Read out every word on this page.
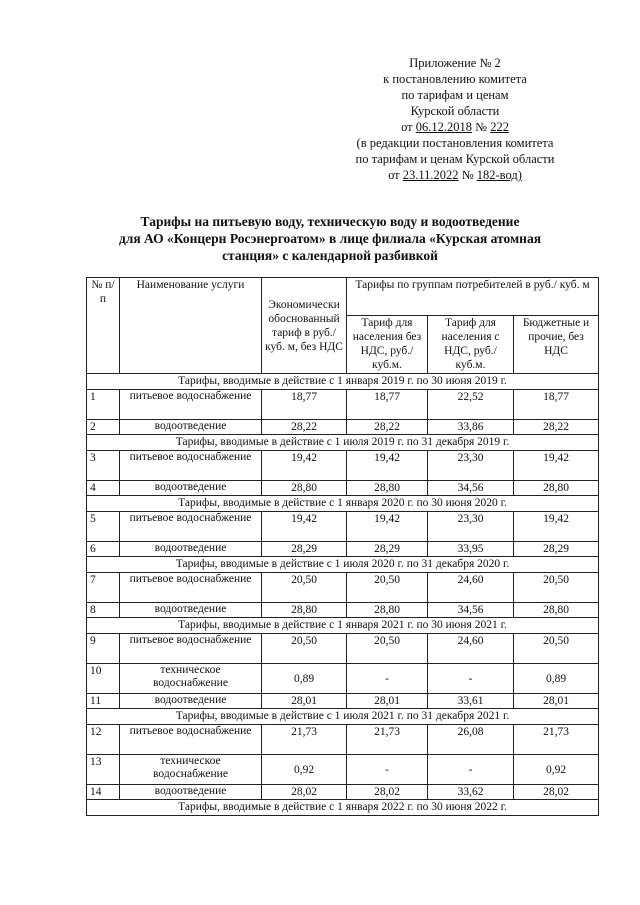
Приложение № 2
к постановлению комитета
по тарифам и ценам
Курской области
от 06.12.2018 № 222
(в редакции постановления комитета
по тарифам и ценам Курской области
от 23.11.2022 № 182-вод)
Тарифы на питьевую воду, техническую воду и водоотведение
для АО «Концерн Росэнергоатом» в лице филиала «Курская атомная
станция» с календарной разбивкой
№ п/п	Наименование услуги	Экономически обоснованный тариф в руб./ куб. м, без НДС	Тарифы по группам потребителей в руб./ куб. м		
			Тариф для населения без НДС, руб./ куб.м.	Тариф для населения с НДС, руб./ куб.м.	Бюджетные и прочие, без НДС
Тарифы, вводимые в действие с 1 января 2019 г. по 30 июня 2019 г.					
1	питьевое водоснабжение	18,77	18,77	22,52	18,77
2	водоотведение	28,22	28,22	33,86	28,22
Тарифы, вводимые в действие с 1 июля 2019 г. по 31 декабря 2019 г.					
3	питьевое водоснабжение	19,42	19,42	23,30	19,42
4	водоотведение	28,80	28,80	34,56	28,80
Тарифы, вводимые в действие с 1 января 2020 г. по 30 июня 2020 г.					
5	питьевое водоснабжение	19,42	19,42	23,30	19,42
6	водоотведение	28,29	28,29	33,95	28,29
Тарифы, вводимые в действие с 1 июля 2020 г. по 31 декабря 2020 г.					
7	питьевое водоснабжение	20,50	20,50	24,60	20,50
8	водоотведение	28,80	28,80	34,56	28,80
Тарифы, вводимые в действие с 1 января 2021 г. по 30 июня 2021 г.					
9	питьевое водоснабжение	20,50	20,50	24,60	20,50
10	техническое водоснабжение	0,89	-	-	0,89
11	водоотведение	28,01	28,01	33,61	28,01
Тарифы, вводимые в действие с 1 июля 2021 г. по 31 декабря 2021 г.					
12	питьевое водоснабжение	21,73	21,73	26,08	21,73
13	техническое водоснабжение	0,92	-	-	0,92
14	водоотведение	28,02	28,02	33,62	28,02
Тарифы, вводимые в действие с 1 января 2022 г. по 30 июня 2022 г.					
